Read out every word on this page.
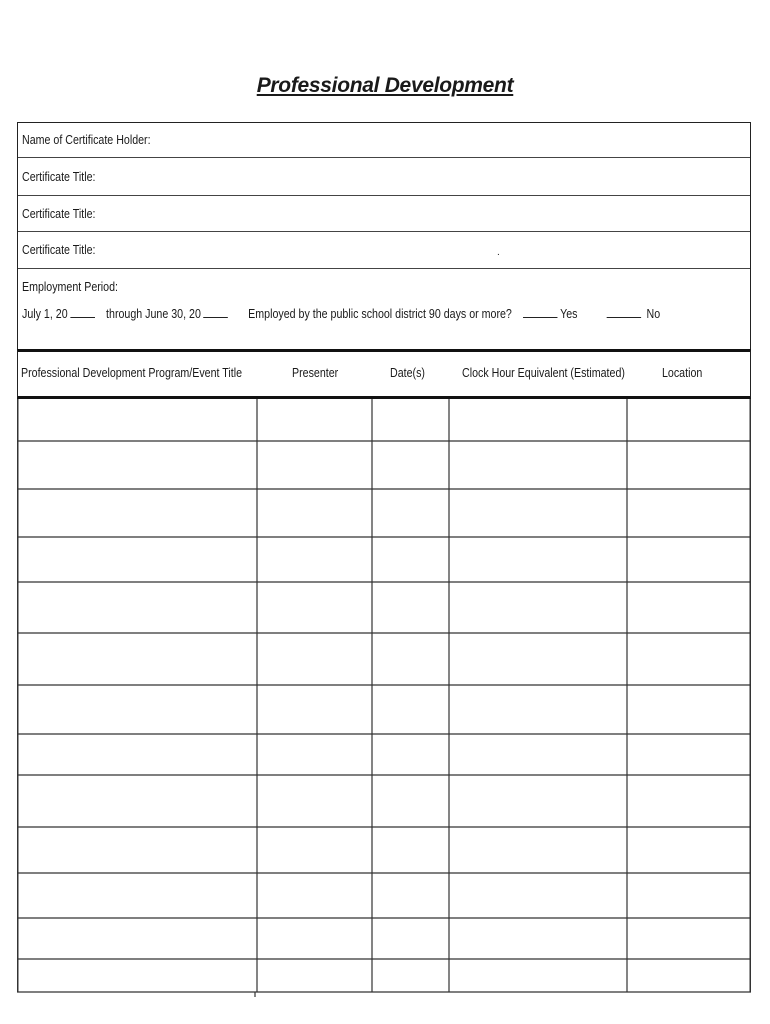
Professional Development
Name of Certificate Holder:
Certificate Title:
Certificate Title:
Certificate Title:
Employment Period:
July 1, 20	through June 30, 20	Employed by the public school district 90 days or more?	Yes	No
.
Professional Development Program/Event Title	Presenter	Date(s)	Clock Hour Equivalent (Estimated)	Location
